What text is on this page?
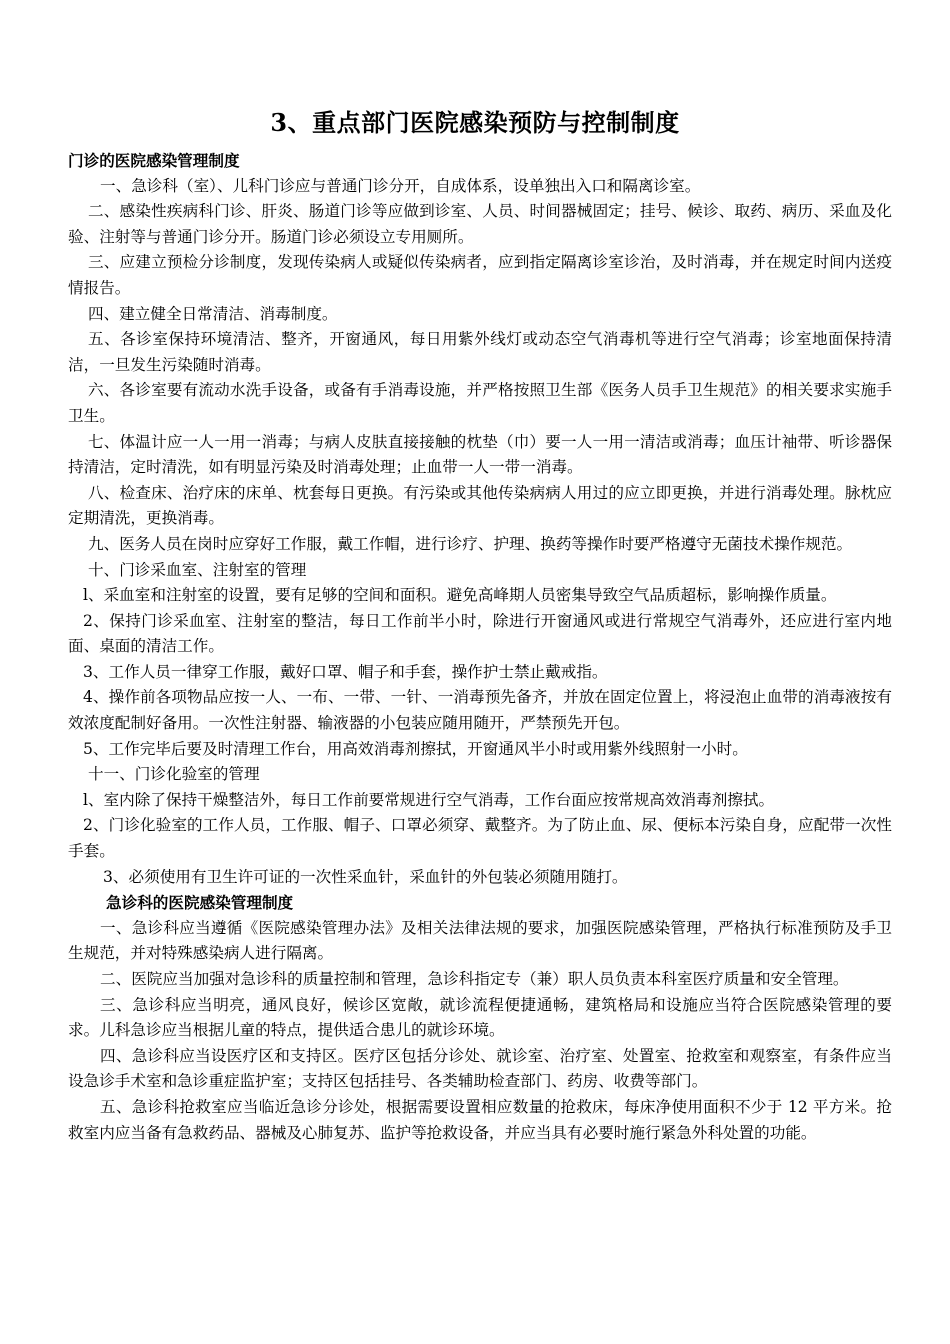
3、重点部门医院感染预防与控制制度

门诊的医院感染管理制度

一、急诊科（室）、儿科门诊应与普通门诊分开，自成体系，设单独出入口和隔离诊室。

二、感染性疾病科门诊、肝炎、肠道门诊等应做到诊室、人员、时间器械固定；挂号、候诊、取药、病历、采血及化验、注射等与普通门诊分开。肠道门诊必须设立专用厕所。

三、应建立预检分诊制度，发现传染病人或疑似传染病者，应到指定隔离诊室诊治，及时消毒，并在规定时间内送疫情报告。

四、建立健全日常清洁、消毒制度。

五、各诊室保持环境清洁、整齐，开窗通风，每日用紫外线灯或动态空气消毒机等进行空气消毒；诊室地面保持清洁，一旦发生污染随时消毒。

六、各诊室要有流动水洗手设备，或备有手消毒设施，并严格按照卫生部《医务人员手卫生规范》的相关要求实施手卫生。

七、体温计应一人一用一消毒；与病人皮肤直接接触的枕垫（巾）要一人一用一清洁或消毒；血压计袖带、听诊器保持清洁，定时清洗，如有明显污染及时消毒处理；止血带一人一带一消毒。

八、检查床、治疗床的床单、枕套每日更换。有污染或其他传染病病人用过的应立即更换，并进行消毒处理。脉枕应定期清洗，更换消毒。

九、医务人员在岗时应穿好工作服，戴工作帽，进行诊疗、护理、换药等操作时要严格遵守无菌技术操作规范。

十、门诊采血室、注射室的管理

l、采血室和注射室的设置，要有足够的空间和面积。避免高峰期人员密集导致空气品质超标，影响操作质量。

2、保持门诊采血室、注射室的整洁，每日工作前半小时，除进行开窗通风或进行常规空气消毒外，还应进行室内地面、桌面的清洁工作。

3、工作人员一律穿工作服，戴好口罩、帽子和手套，操作护士禁止戴戒指。

4、操作前各项物品应按一人、一布、一带、一针、一消毒预先备齐，并放在固定位置上，将浸泡止血带的消毒液按有效浓度配制好备用。一次性注射器、输液器的小包装应随用随开，严禁预先开包。

5、工作完毕后要及时清理工作台，用高效消毒剂擦拭，开窗通风半小时或用紫外线照射一小时。

十一、门诊化验室的管理

l、室内除了保持干燥整洁外，每日工作前要常规进行空气消毒，工作台面应按常规高效消毒剂擦拭。

2、门诊化验室的工作人员，工作服、帽子、口罩必须穿、戴整齐。为了防止血、尿、便标本污染自身，应配带一次性手套。

3、必须使用有卫生许可证的一次性采血针，采血针的外包装必须随用随打。

急诊科的医院感染管理制度

一、急诊科应当遵循《医院感染管理办法》及相关法律法规的要求，加强医院感染管理，严格执行标准预防及手卫生规范，并对特殊感染病人进行隔离。

二、医院应当加强对急诊科的质量控制和管理，急诊科指定专（兼）职人员负责本科室医疗质量和安全管理。

三、急诊科应当明亮，通风良好，候诊区宽敞，就诊流程便捷通畅，建筑格局和设施应当符合医院感染管理的要求。儿科急诊应当根据儿童的特点，提供适合患儿的就诊环境。

四、急诊科应当设医疗区和支持区。医疗区包括分诊处、就诊室、治疗室、处置室、抢救室和观察室，有条件应当设急诊手术室和急诊重症监护室；支持区包括挂号、各类辅助检查部门、药房、收费等部门。

五、急诊科抢救室应当临近急诊分诊处，根据需要设置相应数量的抢救床，每床净使用面积不少于 12 平方米。抢救室内应当备有急救药品、器械及心肺复苏、监护等抢救设备，并应当具有必要时施行紧急外科处置的功能。
